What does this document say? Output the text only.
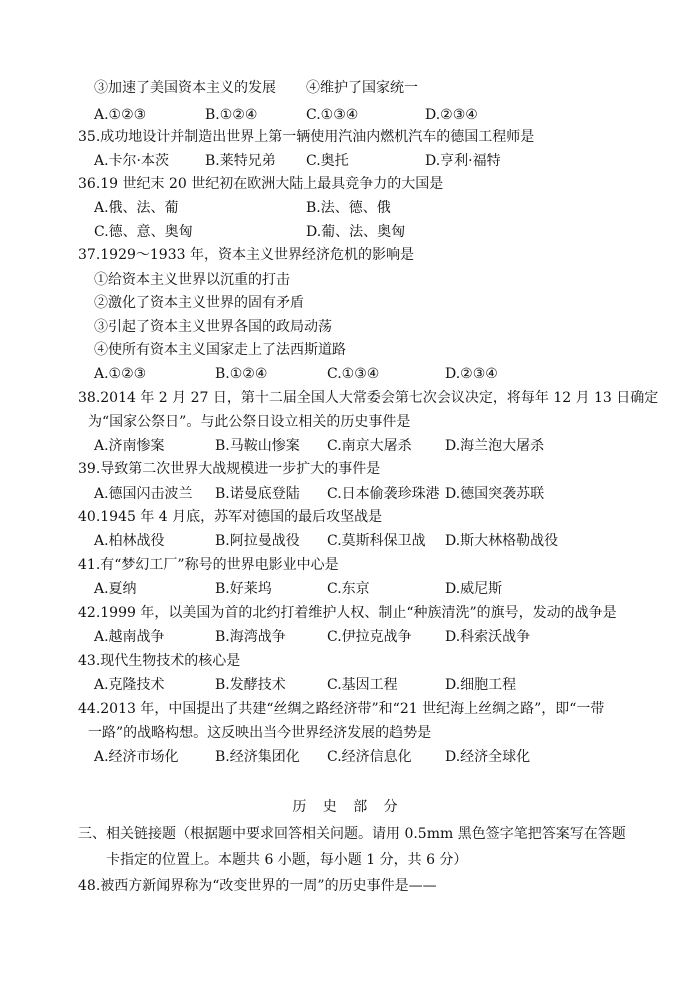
③加速了美国资本主义的发展 ④维护了国家统一
A.①②③	B.①②④	C.①③④	D.②③④
35.成功地设计并制造出世界上第一辆使用汽油内燃机汽车的德国工程师是
A.卡尔·本茨	B.莱特兄弟 C.奥托	D.亨利·福特
36.19 世纪末 20 世纪初在欧洲大陆上最具竞争力的大国是
A.俄、法、葡	B.法、德、俄
C.德、意、奥匈	D.葡、法、奥匈
37.1929～1933 年，资本主义世界经济危机的影响是
①给资本主义世界以沉重的打击
②激化了资本主义世界的固有矛盾
③引起了资本主义世界各国的政局动荡
④使所有资本主义国家走上了法西斯道路
A.①②③	B.①②④	C.①③④	D.②③④
38.2014 年 2 月 27 日，第十二届全国人大常委会第七次会议决定，将每年 12 月 13 日确定
为“国家公祭日”。与此公祭日设立相关的历史事件是
A.济南惨案	B.马鞍山惨案 C.南京大屠杀 D.海兰泡大屠杀
39.导致第二次世界大战规模进一步扩大的事件是
A.德国闪击波兰 B.诺曼底登陆 C.日本偷袭珍珠港 D.德国突袭苏联
40.1945 年 4 月底，苏军对德国的最后攻坚战是
A.柏林战役	B.阿拉曼战役 C.莫斯科保卫战 D.斯大林格勒战役
41.有“梦幻工厂”称号的世界电影业中心是
A.夏纳	B.好莱坞	C.东京	D.威尼斯
42.1999 年，以美国为首的北约打着维护人权、制止“种族清洗”的旗号，发动的战争是
A.越南战争	B.海湾战争	C.伊拉克战争 D.科索沃战争
43.现代生物技术的核心是
A.克隆技术	B.发酵技术	C.基因工程	D.细胞工程
44.2013 年，中国提出了共建“丝绸之路经济带”和“21 世纪海上丝绸之路”，即“一带
一路”的战略构想。这反映出当今世界经济发展的趋势是
A.经济市场化	B.经济集团化 C.经济信息化 D.经济全球化
历 史 部 分
三、相关链接题（根据题中要求回答相关问题。请用 0.5mm 黑色签字笔把答案写在答题
卡指定的位置上。本题共 6 小题，每小题 1 分，共 6 分）
48.被西方新闻界称为“改变世界的一周”的历史事件是——
